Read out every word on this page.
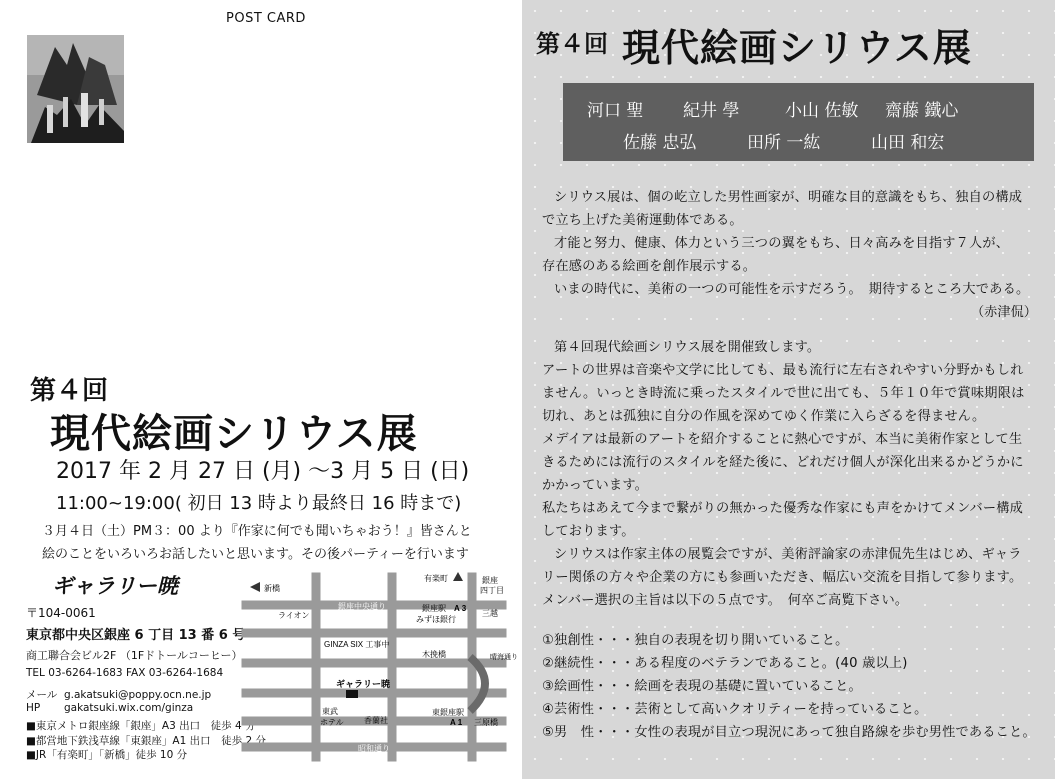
POST CARD
第４回
現代絵画シリウス展
2017 年 2 月 27 日 (月) ～3 月 5 日 (日)
11:00~19:00( 初日 13 時より最終日 16 時まで)
３月４日（土）PM３：00 より『作家に何でも聞いちゃおう！』皆さんと
絵のことをいろいろお話したいと思います。その後パーティーを行います
ギャラリー暁
〒104-0061
東京都中央区銀座 6 丁目 13 番 6 号
商工聯合会ビル2F （1Fドトールコーヒー）
TEL 03-6264-1683 FAX 03-6264-1684
メール g.akatsuki@poppy.ocn.ne.jp
HP gakatsuki.wix.com/ginza
■東京メトロ銀座線「銀座」A3 出口　徒歩 4 分
■都営地下鉄浅草線「東銀座」A1 出口　徒歩 2 分
■JR「有楽町」「新橋」徒歩 10 分
新橋
有楽町	銀座
四丁目
ライオン
銀座中央通り
みずほ銀行
銀座駅 A 3
三越
GINZA SIX 工事中
木挽橋	晴海通り
ギャラリー暁
東武
ホテル	香蘭社
東銀座駅
A 1 三原橋
昭和通り
第４回 現代絵画シリウス展
河口 聖 紀井 學	小山 佐敏 齋藤 鐵心
佐藤 忠弘	田所 一紘	山田 和宏
シリウス展は、個の屹立した男性画家が、明確な目的意識をもち、独自の構成
で立ち上げた美術運動体である。
才能と努力、健康、体力という三つの翼をもち、日々高みを目指す７人が、
存在感のある絵画を創作展示する。
いまの時代に、美術の一つの可能性を示すだろう。　期待するところ大である。
（赤津侃）
第４回現代絵画シリウス展を開催致します。
アートの世界は音楽や文学に比しても、最も流行に左右されやすい分野かもしれ
ません。いっとき時流に乗ったスタイルで世に出ても、５年１０年で賞味期限は
切れ、あとは孤独に自分の作風を深めてゆく作業に入らざるを得ません。
メデイアは最新のアートを紹介することに熱心ですが、本当に美術作家として生
きるためには流行のスタイルを経た後に、どれだけ個人が深化出来るかどうかに
かかっています。
私たちはあえて今まで繋がりの無かった優秀な作家にも声をかけてメンバー構成
しております。
シリウスは作家主体の展覧会ですが、美術評論家の赤津侃先生はじめ、ギャラ
リー関係の方々や企業の方にも参画いただき、幅広い交流を目指して参ります。
メンバー選択の主旨は以下の５点です。　何卒ご高覧下さい。
①独創性・・・独自の表現を切り開いていること。
②継続性・・・ある程度のベテランであること。(40 歳以上)
③絵画性・・・絵画を表現の基礎に置いていること。
④芸術性・・・芸術として高いクオリティーを持っていること。
⑤男　性・・・女性の表現が目立つ現況にあって独自路線を歩む男性であること。
